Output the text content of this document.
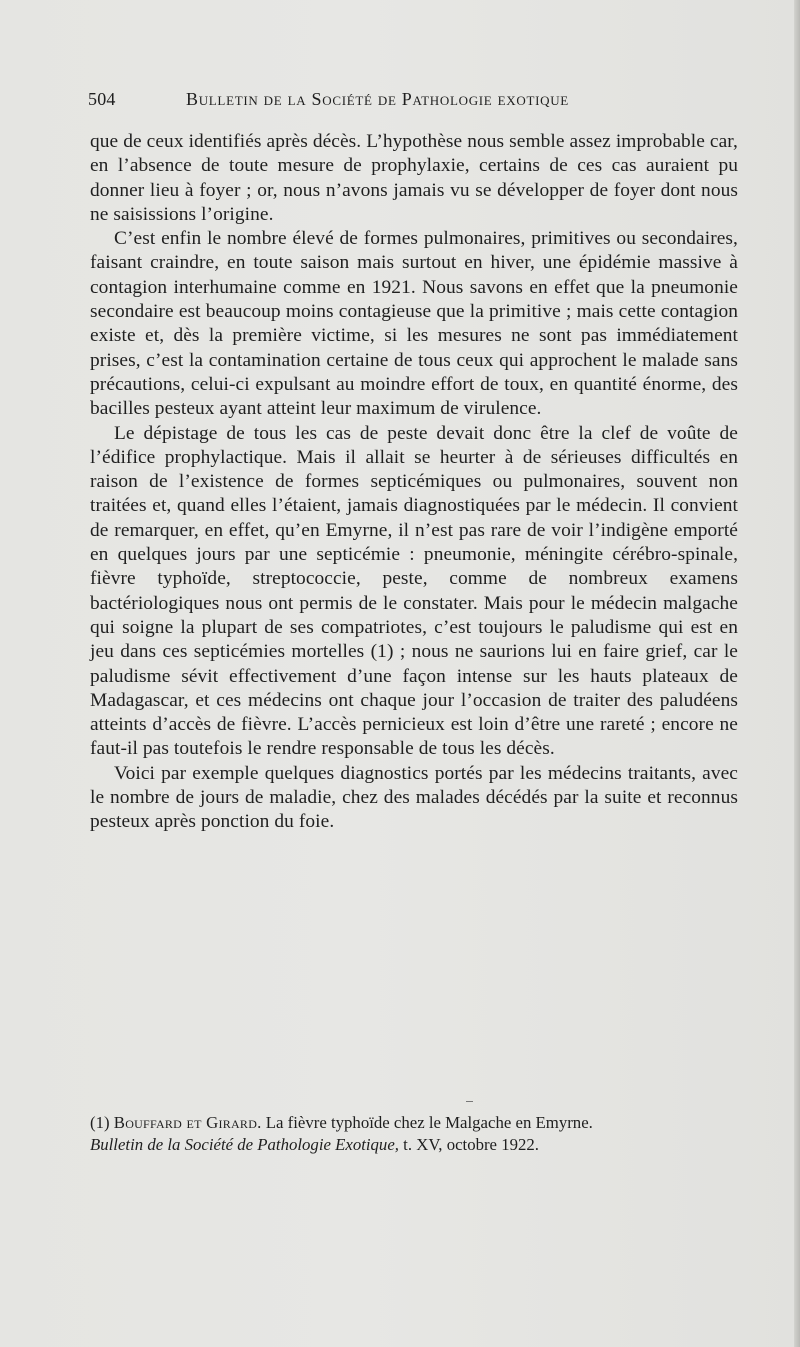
504	Bulletin de la Société de Pathologie exotique

que de ceux identifiés après décès. L’hypothèse nous semble assez improbable car, en l’absence de toute mesure de prophylaxie, certains de ces cas auraient pu donner lieu à foyer ; or, nous n’avons jamais vu se développer de foyer dont nous ne saisissions l’origine.

C’est enfin le nombre élevé de formes pulmonaires, primitives ou secondaires, faisant craindre, en toute saison mais surtout en hiver, une épidémie massive à contagion interhumaine comme en 1921. Nous savons en effet que la pneumonie secondaire est beaucoup moins contagieuse que la primitive ; mais cette contagion existe et, dès la première victime, si les mesures ne sont pas immédiatement prises, c’est la contamination certaine de tous ceux qui approchent le malade sans précautions, celui-ci expulsant au moindre effort de toux, en quantité énorme, des bacilles pesteux ayant atteint leur maximum de virulence.

Le dépistage de tous les cas de peste devait donc être la clef de voûte de l’édifice prophylactique. Mais il allait se heurter à de sérieuses difficultés en raison de l’existence de formes septicémiques ou pulmonaires, souvent non traitées et, quand elles l’étaient, jamais diagnostiquées par le médecin. Il convient de remarquer, en effet, qu’en Emyrne, il n’est pas rare de voir l’indigène emporté en quelques jours par une septicémie : pneumonie, méningite cérébro-spinale, fièvre typhoïde, streptococcie, peste, comme de nombreux examens bactériologiques nous ont permis de le constater. Mais pour le médecin malgache qui soigne la plupart de ses compatriotes, c’est toujours le paludisme qui est en jeu dans ces septicémies mortelles (1) ; nous ne saurions lui en faire grief, car le paludisme sévit effectivement d’une façon intense sur les hauts plateaux de Madagascar, et ces médecins ont chaque jour l’occasion de traiter des paludéens atteints d’accès de fièvre. L’accès pernicieux est loin d’être une rareté ; encore ne faut-il pas toutefois le rendre responsable de tous les décès.

Voici par exemple quelques diagnostics portés par les médecins traitants, avec le nombre de jours de maladie, chez des malades décédés par la suite et reconnus pesteux après ponction du foie.

(1) Bouffard et Girard. La fièvre typhoïde chez le Malgache en Emyrne.
Bulletin de la Société de Pathologie Exotique, t. XV, octobre 1922.
